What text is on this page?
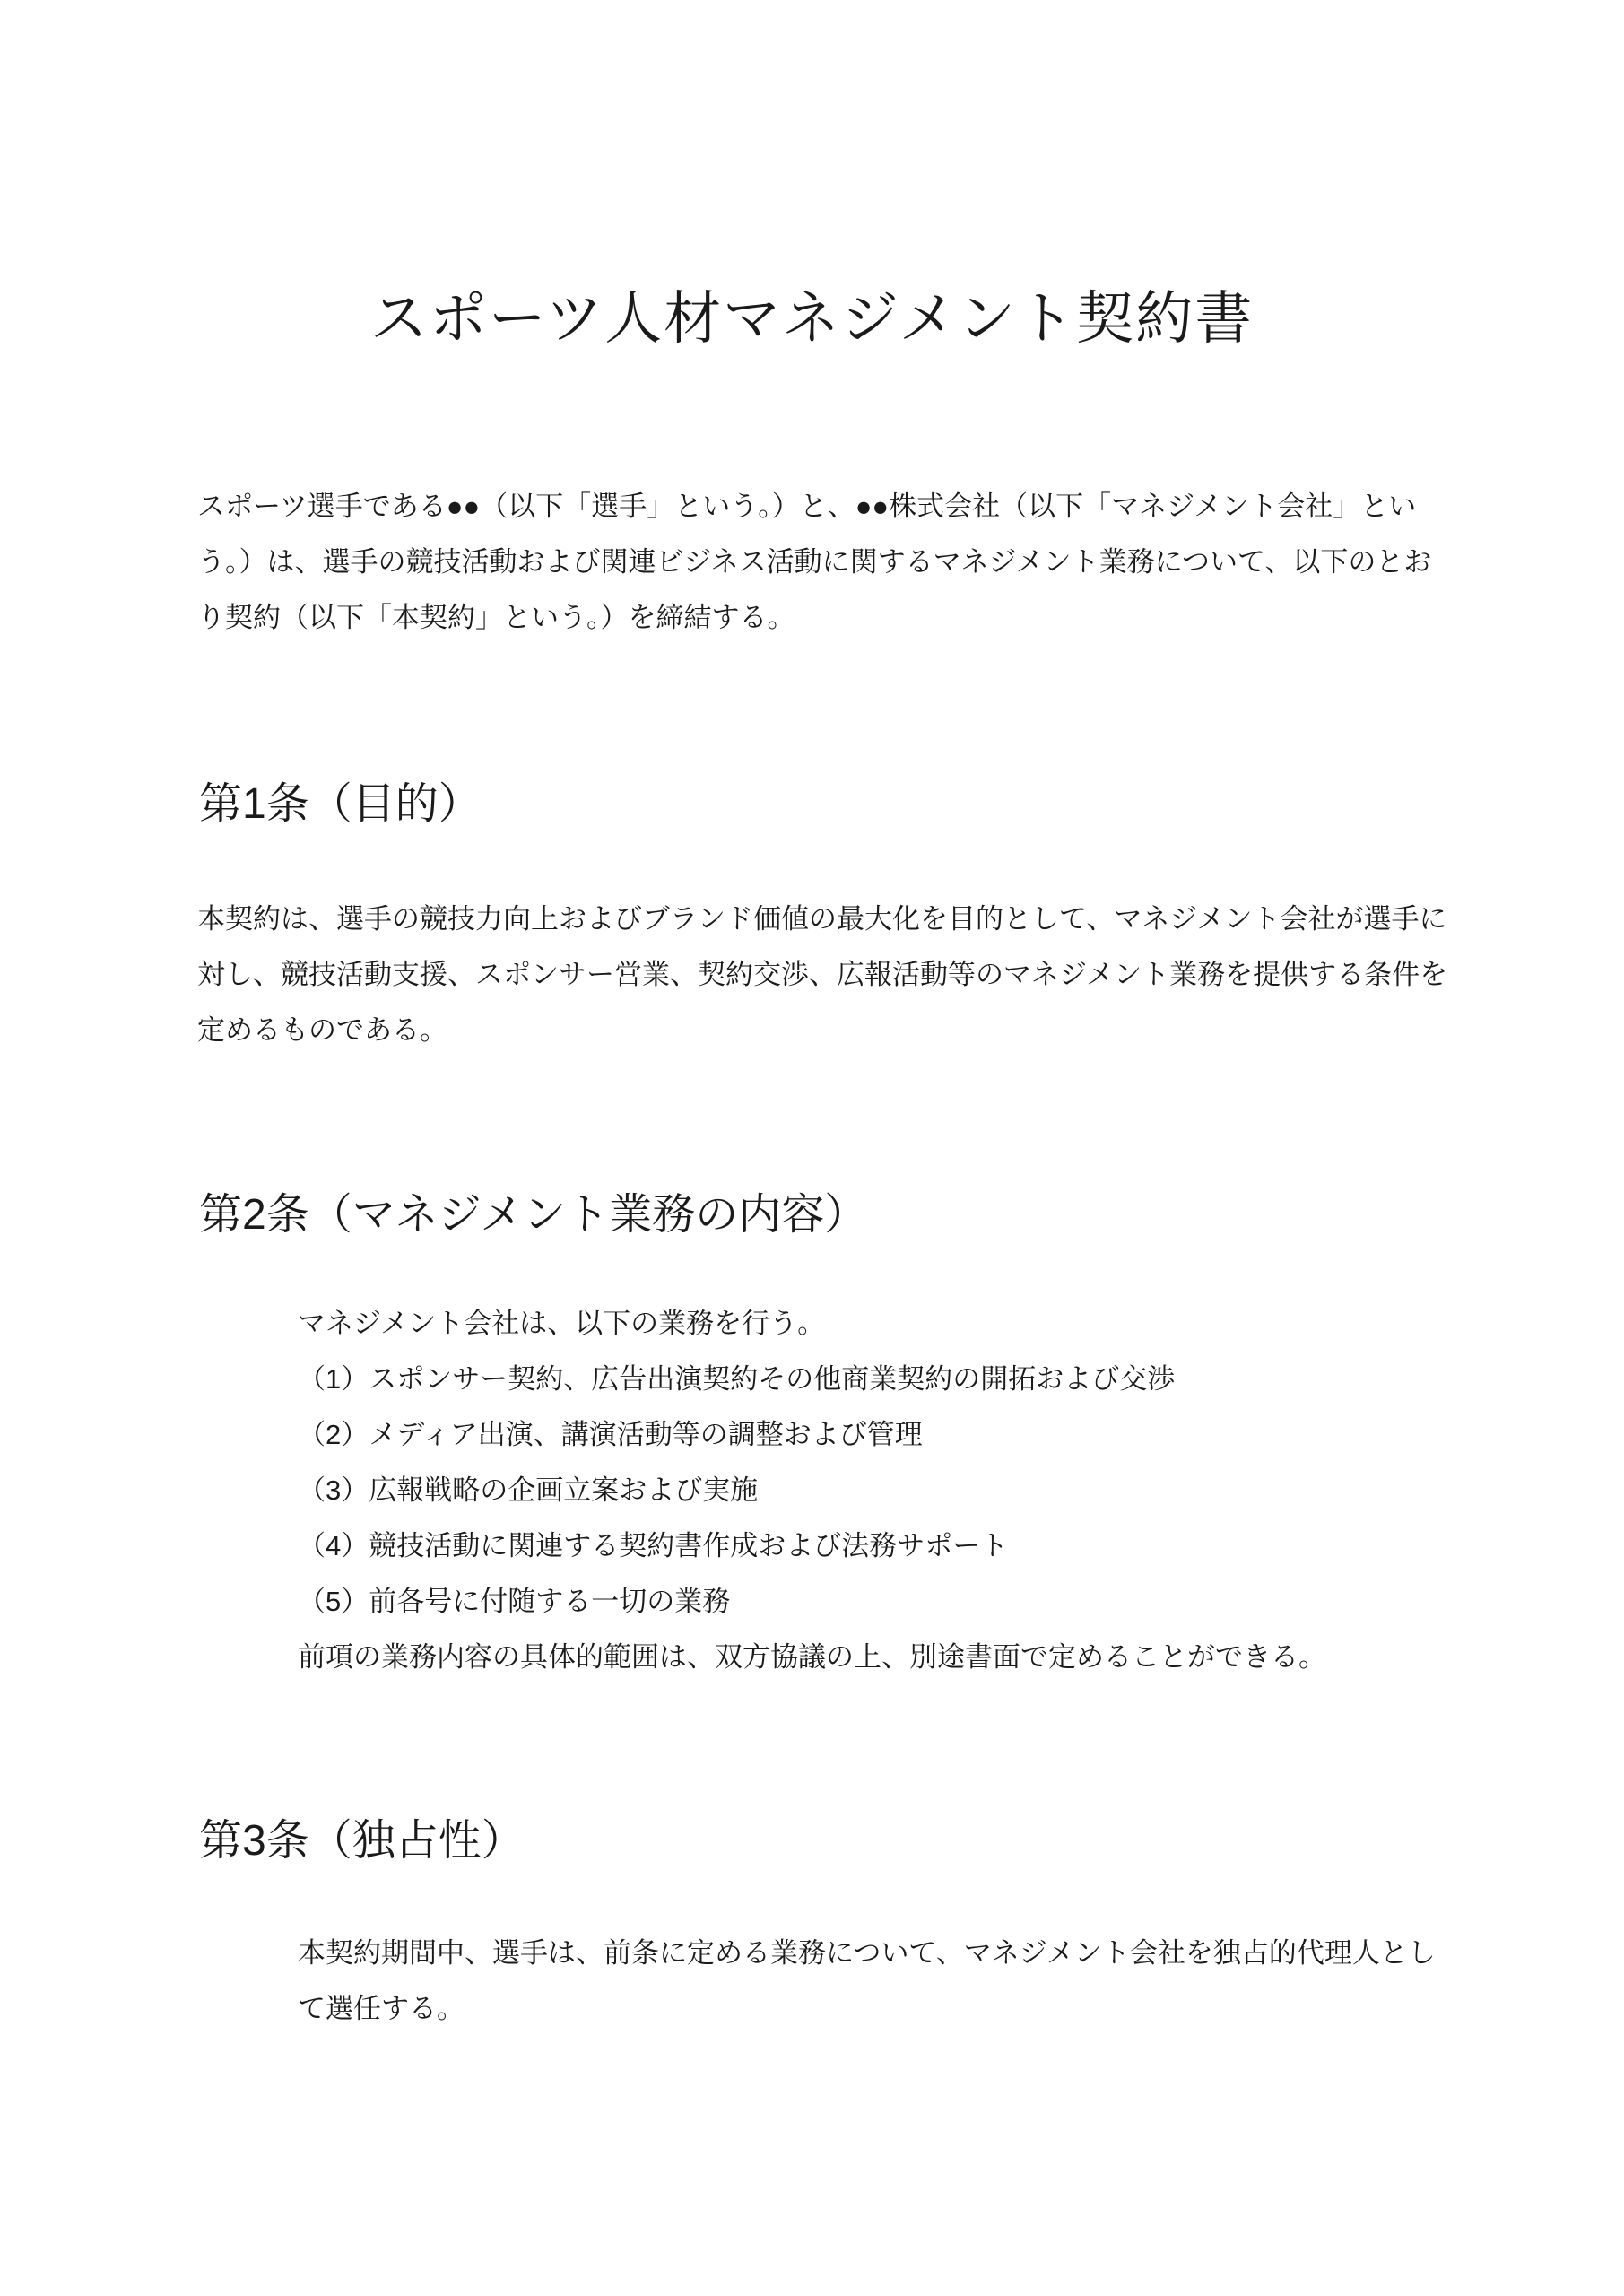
スポーツ人材マネジメント契約書
スポーツ選手である●●（以下「選手」という。）と、●●株式会社（以下「マネジメント会社」とい
う。）は、選手の競技活動および関連ビジネス活動に関するマネジメント業務について、以下のとお
り契約（以下「本契約」という。）を締結する。
第1条（目的）
本契約は、選手の競技力向上およびブランド価値の最大化を目的として、マネジメント会社が選手に
対し、競技活動支援、スポンサー営業、契約交渉、広報活動等のマネジメント業務を提供する条件を
定めるものである。
第2条（マネジメント業務の内容）
マネジメント会社は、以下の業務を行う。
（1）スポンサー契約、広告出演契約その他商業契約の開拓および交渉
（2）メディア出演、講演活動等の調整および管理
（3）広報戦略の企画立案および実施
（4）競技活動に関連する契約書作成および法務サポート
（5）前各号に付随する一切の業務
前項の業務内容の具体的範囲は、双方協議の上、別途書面で定めることができる。
第3条（独占性）
本契約期間中、選手は、前条に定める業務について、マネジメント会社を独占的代理人とし
て選任する。
